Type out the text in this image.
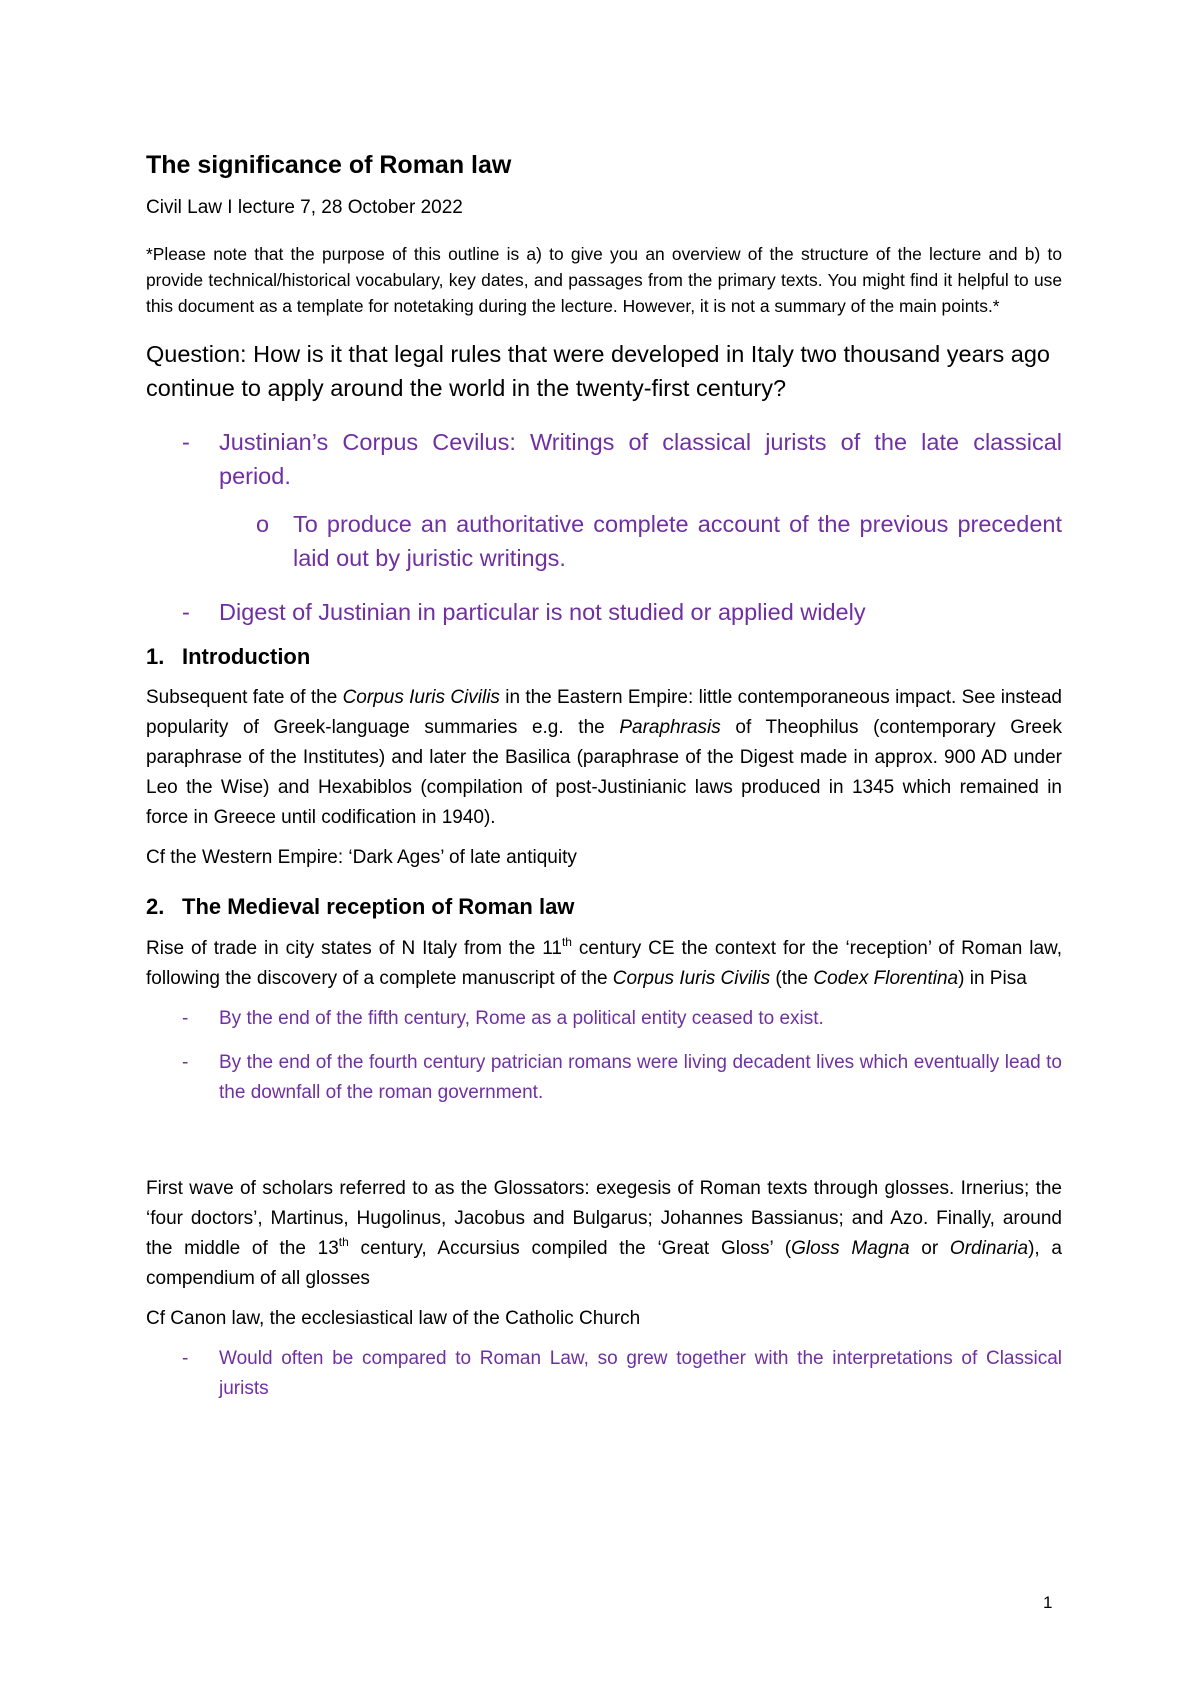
The significance of Roman law
Civil Law I lecture 7, 28 October 2022
*Please note that the purpose of this outline is a) to give you an overview of the structure of the lecture and b) to provide technical/historical vocabulary, key dates, and passages from the primary texts. You might find it helpful to use this document as a template for notetaking during the lecture. However, it is not a summary of the main points.*
Question: How is it that legal rules that were developed in Italy two thousand years ago continue to apply around the world in the twenty-first century?
-	Justinian’s Corpus Cevilus: Writings of classical jurists of the late classical period.
o	To produce an authoritative complete account of the previous precedent laid out by juristic writings.
-	Digest of Justinian in particular is not studied or applied widely
1. Introduction

Subsequent fate of the Corpus Iuris Civilis in the Eastern Empire: little contemporaneous impact. See instead popularity of Greek-language summaries e.g. the Paraphrasis of Theophilus (contemporary Greek paraphrase of the Institutes) and later the Basilica (paraphrase of the Digest made in approx. 900 AD under Leo the Wise) and Hexabiblos (compilation of post-Justinianic laws produced in 1345 which remained in force in Greece until codification in 1940).

Cf the Western Empire: ‘Dark Ages’ of late antiquity

2. The Medieval reception of Roman law

Rise of trade in city states of N Italy from the 11th century CE the context for the ‘reception’ of Roman law, following the discovery of a complete manuscript of the Corpus Iuris Civilis (the Codex Florentina) in Pisa

-	By the end of the fifth century, Rome as a political entity ceased to exist.
-	By the end of the fourth century patrician romans were living decadent lives which eventually lead to the downfall of the roman government.

First wave of scholars referred to as the Glossators: exegesis of Roman texts through glosses. Irnerius; the ‘four doctors’, Martinus, Hugolinus, Jacobus and Bulgarus; Johannes Bassianus; and Azo. Finally, around the middle of the 13th century, Accursius compiled the ‘Great Gloss’ (Gloss Magna or Ordinaria), a compendium of all glosses

Cf Canon law, the ecclesiastical law of the Catholic Church

-	Would often be compared to Roman Law, so grew together with the interpretations of Classical jurists
1
